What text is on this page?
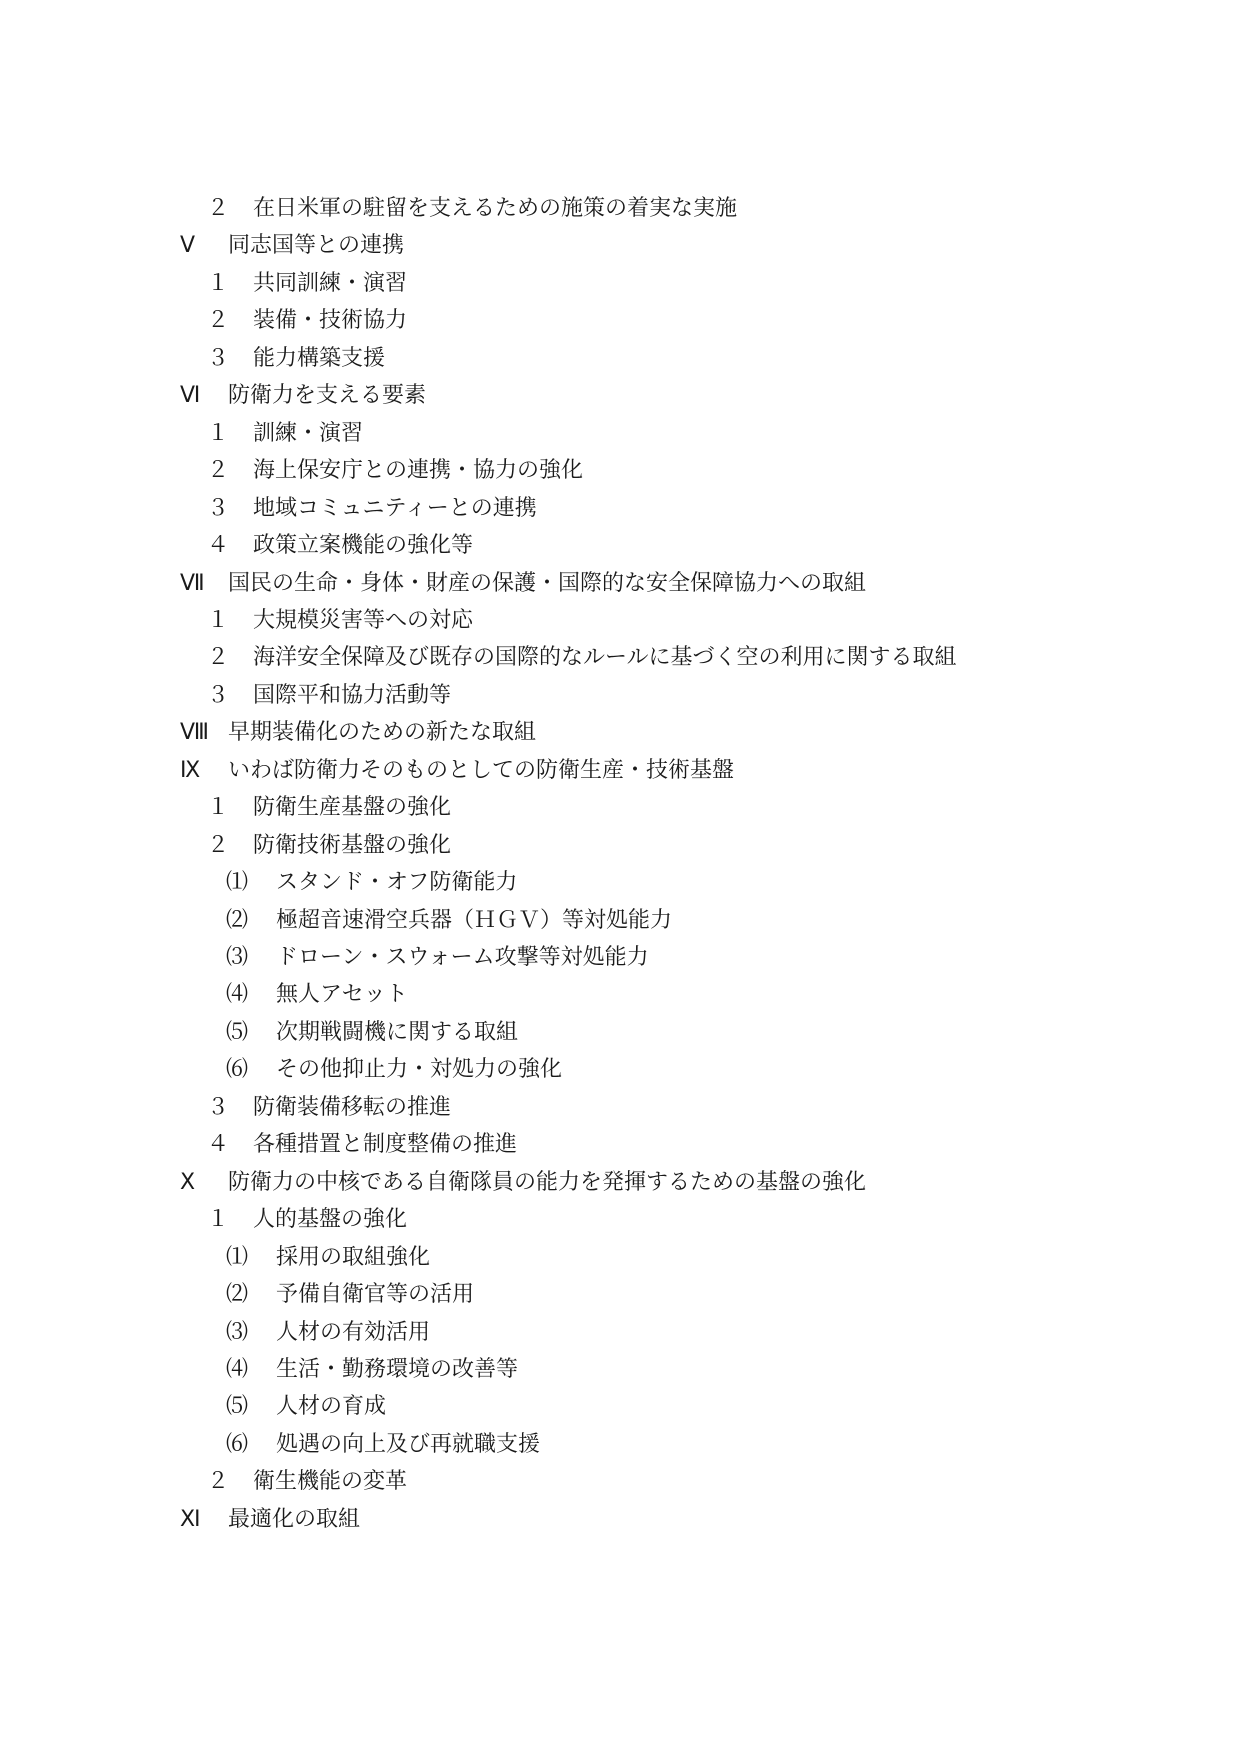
２	在日米軍の駐留を支えるための施策の着実な実施
Ⅴ	同志国等との連携
１	共同訓練・演習
２	装備・技術協力
３	能力構築支援
Ⅵ	防衛力を支える要素
１	訓練・演習
２	海上保安庁との連携・協力の強化
３	地域コミュニティーとの連携
４	政策立案機能の強化等
Ⅶ	国民の生命・身体・財産の保護・国際的な安全保障協力への取組
１	大規模災害等への対応
２	海洋安全保障及び既存の国際的なルールに基づく空の利用に関する取組
３	国際平和協力活動等
Ⅷ 早期装備化のための新たな取組
Ⅸ	いわば防衛力そのものとしての防衛生産・技術基盤
１	防衛生産基盤の強化
２	防衛技術基盤の強化
⑴	スタンド・オフ防衛能力
⑵	極超音速滑空兵器（ＨＧＶ）等対処能力
⑶	ドローン・スウォーム攻撃等対処能力
⑷	無人アセット
⑸	次期戦闘機に関する取組
⑹	その他抑止力・対処力の強化
３	防衛装備移転の推進
４	各種措置と制度整備の推進
Ⅹ	防衛力の中核である自衛隊員の能力を発揮するための基盤の強化
１	人的基盤の強化
⑴	採用の取組強化
⑵	予備自衛官等の活用
⑶	人材の有効活用
⑷	生活・勤務環境の改善等
⑸	人材の育成
⑹	処遇の向上及び再就職支援
２	衛生機能の変革
Ⅺ	最適化の取組
